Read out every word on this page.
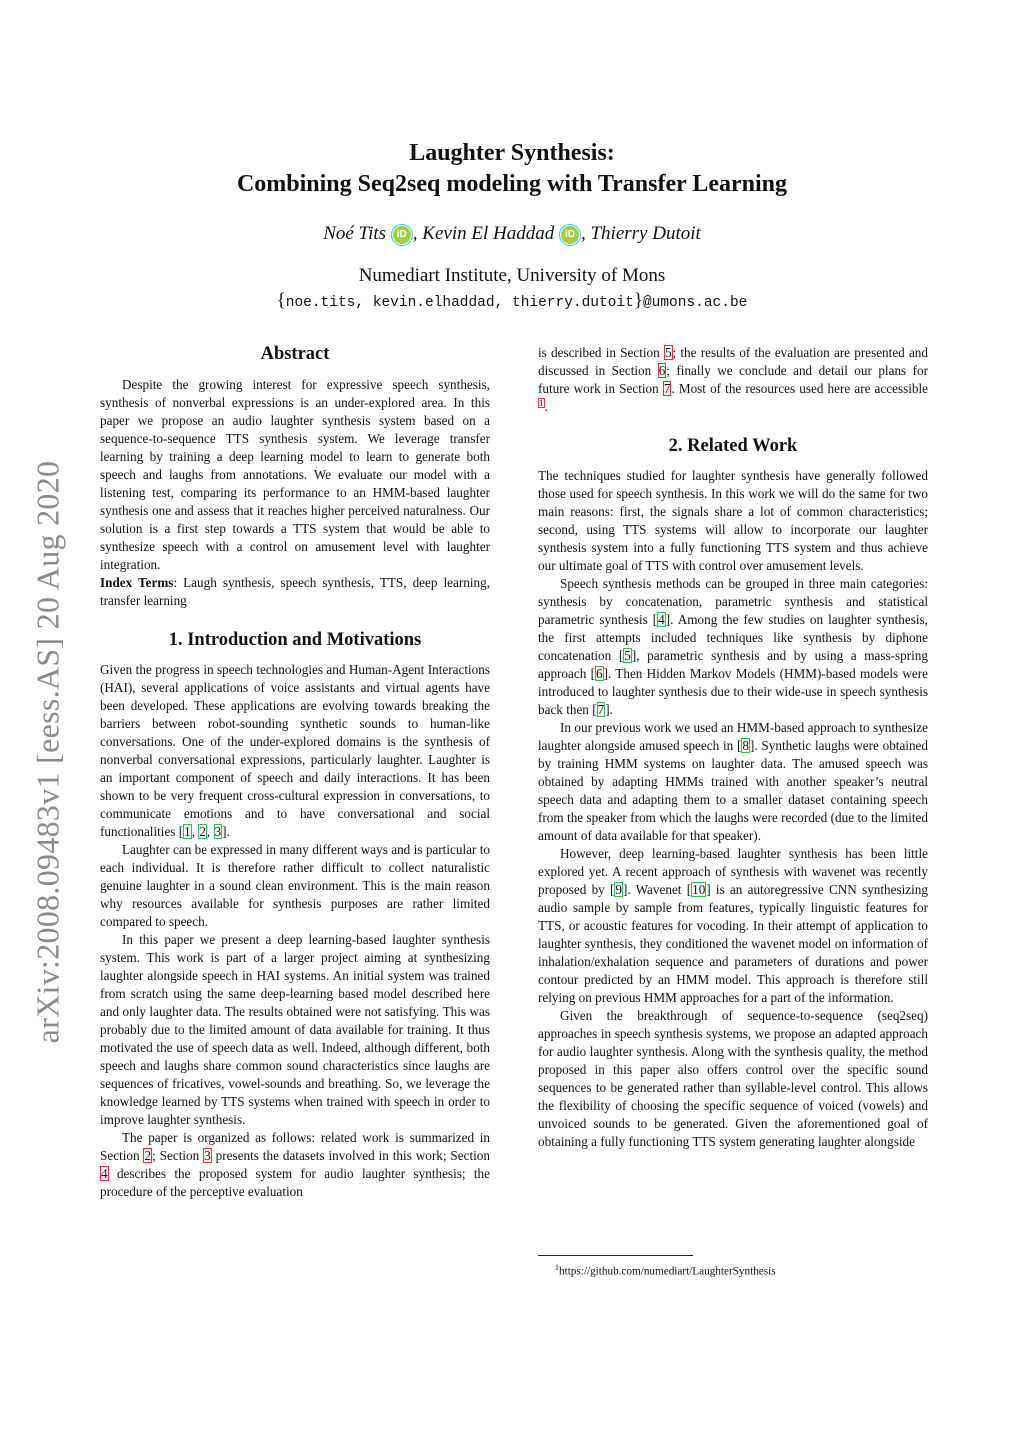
arXiv:2008.09483v1 [eess.AS] 20 Aug 2020
Laughter Synthesis:
Combining Seq2seq modeling with Transfer Learning
Noé Tits iD , Kevin El Haddad iD , Thierry Dutoit
Numediart Institute, University of Mons
{noe.tits, kevin.elhaddad, thierry.dutoit}@umons.ac.be

Abstract

Despite the growing interest for expressive speech synthesis, synthesis of nonverbal expressions is an under-explored area. In this paper we propose an audio laughter synthesis system based on a sequence-to-sequence TTS synthesis system. We leverage transfer learning by training a deep learning model to learn to generate both speech and laughs from annotations. We evaluate our model with a listening test, comparing its performance to an HMM-based laughter synthesis one and assess that it reaches higher perceived naturalness. Our solution is a first step towards a TTS system that would be able to synthesize speech with a control on amusement level with laughter integration.

Index Terms: Laugh synthesis, speech synthesis, TTS, deep learning, transfer learning

1. Introduction and Motivations

Given the progress in speech technologies and Human-Agent Interactions (HAI), several applications of voice assistants and virtual agents have been developed. These applications are evolving towards breaking the barriers between robot-sounding synthetic sounds to human-like conversations. One of the under-explored domains is the synthesis of nonverbal conversational expressions, particularly laughter. Laughter is an important component of speech and daily interactions. It has been shown to be very frequent cross-cultural expression in conversations, to communicate emotions and to have conversational and social functionalities [1, 2, 3].

Laughter can be expressed in many different ways and is particular to each individual. It is therefore rather difficult to collect naturalistic genuine laughter in a sound clean environment. This is the main reason why resources available for synthesis purposes are rather limited compared to speech.

In this paper we present a deep learning-based laughter synthesis system. This work is part of a larger project aiming at synthesizing laughter alongside speech in HAI systems. An initial system was trained from scratch using the same deep-learning based model described here and only laughter data. The results obtained were not satisfying. This was probably due to the limited amount of data available for training. It thus motivated the use of speech data as well. Indeed, although different, both speech and laughs share common sound characteristics since laughs are sequences of fricatives, vowel-sounds and breathing. So, we leverage the knowledge learned by TTS systems when trained with speech in order to improve laughter synthesis.

The paper is organized as follows: related work is summarized in Section 2; Section 3 presents the datasets involved in this work; Section 4 describes the proposed system for audio laughter synthesis; the procedure of the perceptive evaluation

is described in Section 5; the results of the evaluation are presented and discussed in Section 6; finally we conclude and detail our plans for future work in Section 7. Most of the resources used here are accessible $^1$.

2. Related Work

The techniques studied for laughter synthesis have generally followed those used for speech synthesis. In this work we will do the same for two main reasons: first, the signals share a lot of common characteristics; second, using TTS systems will allow to incorporate our laughter synthesis system into a fully functioning TTS system and thus achieve our ultimate goal of TTS with control over amusement levels.

Speech synthesis methods can be grouped in three main categories: synthesis by concatenation, parametric synthesis and statistical parametric synthesis [4]. Among the few studies on laughter synthesis, the first attempts included techniques like synthesis by diphone concatenation [5], parametric synthesis and by using a mass-spring approach [6]. Then Hidden Markov Models (HMM)-based models were introduced to laughter synthesis due to their wide-use in speech synthesis back then [7].

In our previous work we used an HMM-based approach to synthesize laughter alongside amused speech in [8]. Synthetic laughs were obtained by training HMM systems on laughter data. The amused speech was obtained by adapting HMMs trained with another speaker’s neutral speech data and adapting them to a smaller dataset containing speech from the speaker from which the laughs were recorded (due to the limited amount of data available for that speaker).

However, deep learning-based laughter synthesis has been little explored yet. A recent approach of synthesis with wavenet was recently proposed by [9]. Wavenet [10] is an autoregressive CNN synthesizing audio sample by sample from features, typically linguistic features for TTS, or acoustic features for vocoding. In their attempt of application to laughter synthesis, they conditioned the wavenet model on information of inhalation/exhalation sequence and parameters of durations and power contour predicted by an HMM model. This approach is therefore still relying on previous HMM approaches for a part of the information.

Given the breakthrough of sequence-to-sequence (seq2seq) approaches in speech synthesis systems, we propose an adapted approach for audio laughter synthesis. Along with the synthesis quality, the method proposed in this paper also offers control over the specific sound sequences to be generated rather than syllable-level control. This allows the flexibility of choosing the specific sequence of voiced (vowels) and unvoiced sounds to be generated. Given the aforementioned goal of obtaining a fully functioning TTS system generating laughter alongside

$^1$https://github.com/numediart/LaughterSynthesis
